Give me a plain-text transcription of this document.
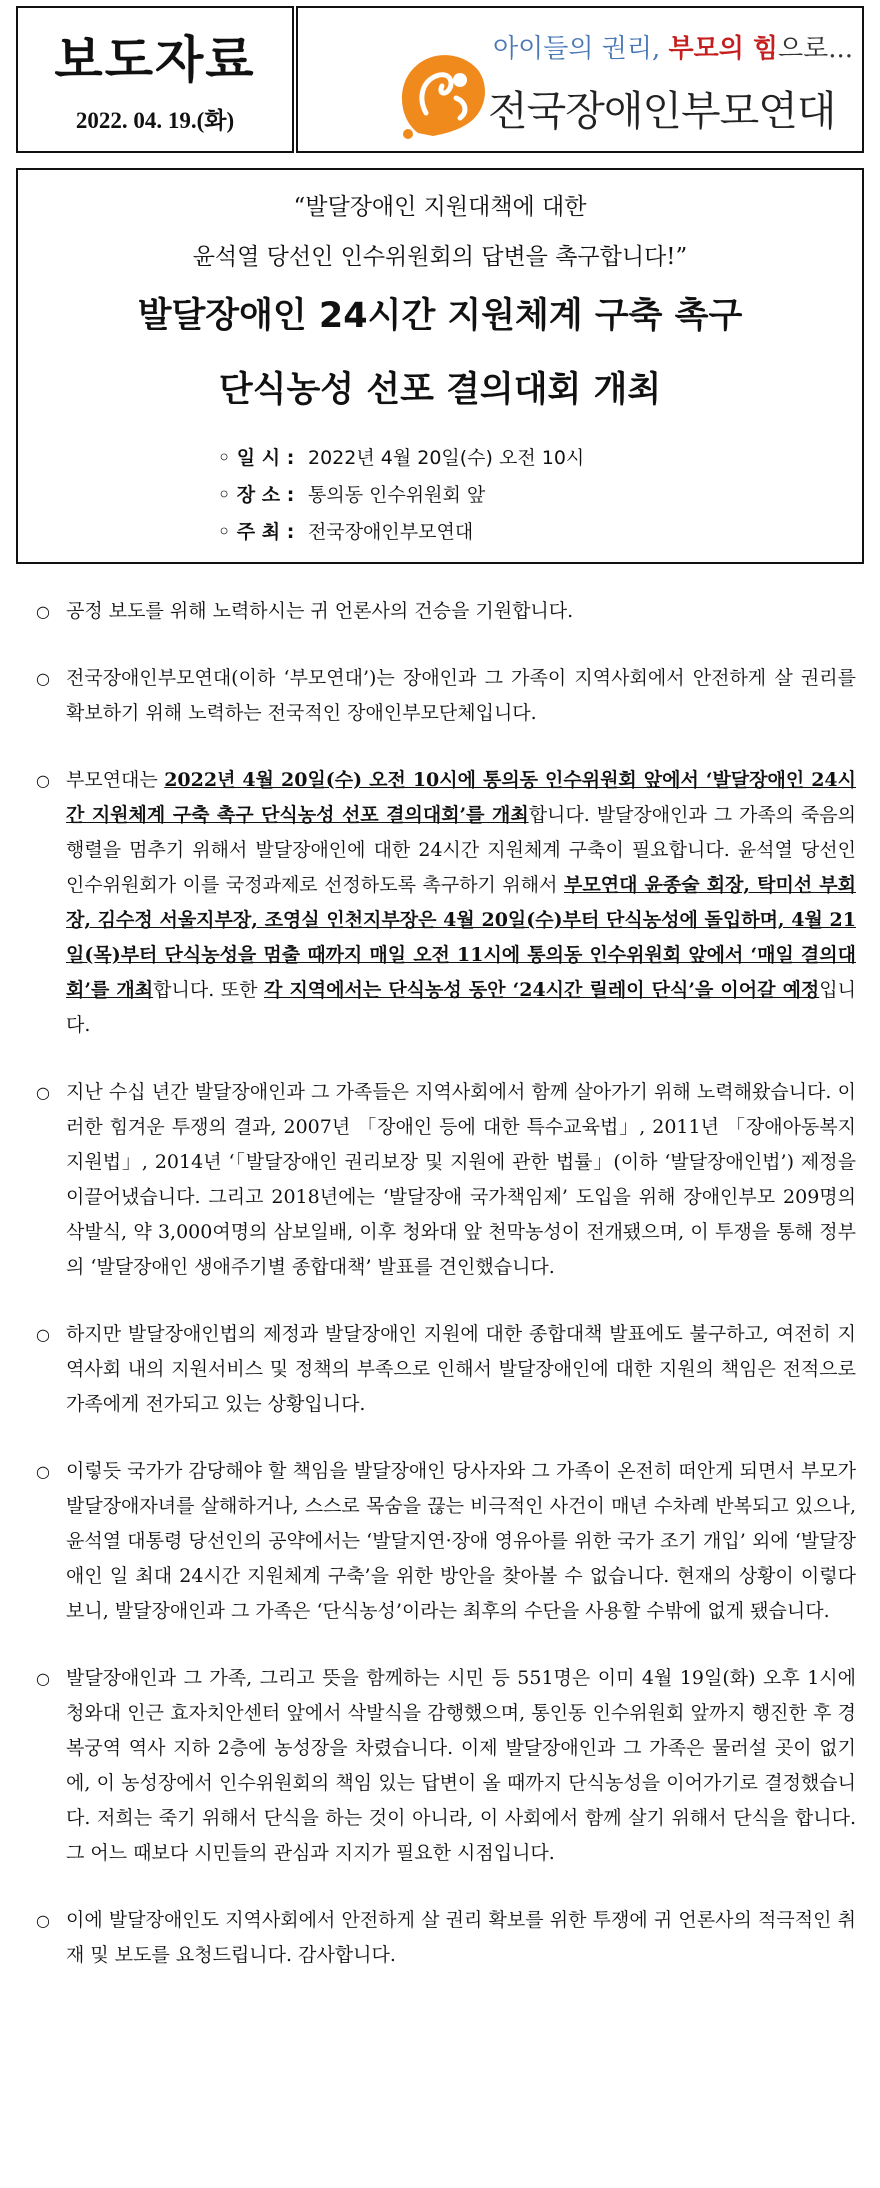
보도자료
2022. 04. 19.(화)
아이들의 권리, 부모의 힘으로...
전국장애인부모연대
“발달장애인 지원대책에 대한
윤석열 당선인 인수위원회의 답변을 촉구합니다!”
발달장애인 24시간 지원체계 구축 촉구
단식농성 선포 결의대회 개최
◦ 일 시 : 2022년 4월 20일(수) 오전 10시
◦ 장 소 : 통의동 인수위원회 앞
◦ 주 최 : 전국장애인부모연대
○ 공정 보도를 위해 노력하시는 귀 언론사의 건승을 기원합니다.
○ 전국장애인부모연대(이하 ‘부모연대’)는 장애인과 그 가족이 지역사회에서 안전하게 살 권리를 확보하기 위해 노력하는 전국적인 장애인부모단체입니다.
○ 부모연대는 2022년 4월 20일(수) 오전 10시에 통의동 인수위원회 앞에서 ‘발달장애인 24시간 지원체계 구축 촉구 단식농성 선포 결의대회’를 개최합니다. 발달장애인과 그 가족의 죽음의 행렬을 멈추기 위해서 발달장애인에 대한 24시간 지원체계 구축이 필요합니다. 윤석열 당선인 인수위원회가 이를 국정과제로 선정하도록 촉구하기 위해서 부모연대 윤종술 회장, 탁미선 부회장, 김수정 서울지부장, 조영실 인천지부장은 4월 20일(수)부터 단식농성에 돌입하며, 4월 21일(목)부터 단식농성을 멈출 때까지 매일 오전 11시에 통의동 인수위원회 앞에서 ‘매일 결의대회’를 개최합니다. 또한 각 지역에서는 단식농성 동안 ‘24시간 릴레이 단식’을 이어갈 예정입니다.
○ 지난 수십 년간 발달장애인과 그 가족들은 지역사회에서 함께 살아가기 위해 노력해왔습니다. 이러한 힘겨운 투쟁의 결과, 2007년 「장애인 등에 대한 특수교육법」, 2011년 「장애아동복지지원법」, 2014년 ‘「발달장애인 권리보장 및 지원에 관한 법률」(이하 ‘발달장애인법’) 제정을 이끌어냈습니다. 그리고 2018년에는 ‘발달장애 국가책임제’ 도입을 위해 장애인부모 209명의 삭발식, 약 3,000여명의 삼보일배, 이후 청와대 앞 천막농성이 전개됐으며, 이 투쟁을 통해 정부의 ‘발달장애인 생애주기별 종합대책’ 발표를 견인했습니다.
○ 하지만 발달장애인법의 제정과 발달장애인 지원에 대한 종합대책 발표에도 불구하고, 여전히 지역사회 내의 지원서비스 및 정책의 부족으로 인해서 발달장애인에 대한 지원의 책임은 전적으로 가족에게 전가되고 있는 상황입니다.
○ 이렇듯 국가가 감당해야 할 책임을 발달장애인 당사자와 그 가족이 온전히 떠안게 되면서 부모가 발달장애자녀를 살해하거나, 스스로 목숨을 끊는 비극적인 사건이 매년 수차례 반복되고 있으나, 윤석열 대통령 당선인의 공약에서는 ‘발달지연·장애 영유아를 위한 국가 조기 개입’ 외에 ‘발달장애인 일 최대 24시간 지원체계 구축’을 위한 방안을 찾아볼 수 없습니다. 현재의 상황이 이렇다 보니, 발달장애인과 그 가족은 ‘단식농성’이라는 최후의 수단을 사용할 수밖에 없게 됐습니다.
○ 발달장애인과 그 가족, 그리고 뜻을 함께하는 시민 등 551명은 이미 4월 19일(화) 오후 1시에 청와대 인근 효자치안센터 앞에서 삭발식을 감행했으며, 통인동 인수위원회 앞까지 행진한 후 경복궁역 역사 지하 2층에 농성장을 차렸습니다. 이제 발달장애인과 그 가족은 물러설 곳이 없기에, 이 농성장에서 인수위원회의 책임 있는 답변이 올 때까지 단식농성을 이어가기로 결정했습니다. 저희는 죽기 위해서 단식을 하는 것이 아니라, 이 사회에서 함께 살기 위해서 단식을 합니다. 그 어느 때보다 시민들의 관심과 지지가 필요한 시점입니다.
○ 이에 발달장애인도 지역사회에서 안전하게 살 권리 확보를 위한 투쟁에 귀 언론사의 적극적인 취재 및 보도를 요청드립니다. 감사합니다.
